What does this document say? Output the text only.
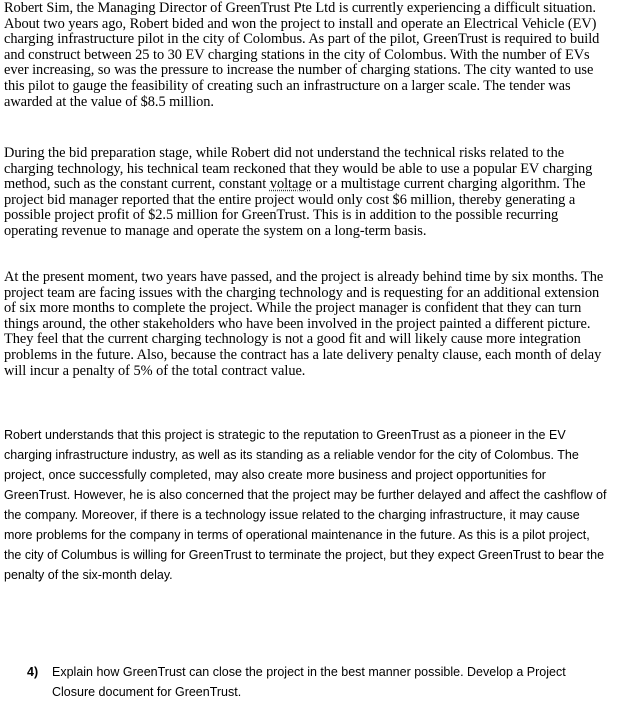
Robert Sim, the Managing Director of GreenTrust Pte Ltd is currently experiencing a difficult situation. About two years ago, Robert bided and won the project to install and operate an Electrical Vehicle (EV) charging infrastructure pilot in the city of Colombus. As part of the pilot, GreenTrust is required to build and construct between 25 to 30 EV charging stations in the city of Colombus. With the number of EVs ever increasing, so was the pressure to increase the number of charging stations. The city wanted to use this pilot to gauge the feasibility of creating such an infrastructure on a larger scale. The tender was awarded at the value of $8.5 million.

During the bid preparation stage, while Robert did not understand the technical risks related to the charging technology, his technical team reckoned that they would be able to use a popular EV charging method, such as the constant current, constant voltage or a multistage current charging algorithm. The project bid manager reported that the entire project would only cost $6 million, thereby generating a possible project profit of $2.5 million for GreenTrust. This is in addition to the possible recurring operating revenue to manage and operate the system on a long-term basis.

At the present moment, two years have passed, and the project is already behind time by six months. The project team are facing issues with the charging technology and is requesting for an additional extension of six more months to complete the project. While the project manager is confident that they can turn things around, the other stakeholders who have been involved in the project painted a different picture. They feel that the current charging technology is not a good fit and will likely cause more integration problems in the future. Also, because the contract has a late delivery penalty clause, each month of delay will incur a penalty of 5% of the total contract value.

Robert understands that this project is strategic to the reputation to GreenTrust as a pioneer in the EV charging infrastructure industry, as well as its standing as a reliable vendor for the city of Colombus. The project, once successfully completed, may also create more business and project opportunities for GreenTrust. However, he is also concerned that the project may be further delayed and affect the cashflow of the company. Moreover, if there is a technology issue related to the charging infrastructure, it may cause more problems for the company in terms of operational maintenance in the future. As this is a pilot project, the city of Columbus is willing for GreenTrust to terminate the project, but they expect GreenTrust to bear the penalty of the six-month delay.

4) Explain how GreenTrust can close the project in the best manner possible. Develop a Project Closure document for GreenTrust.
